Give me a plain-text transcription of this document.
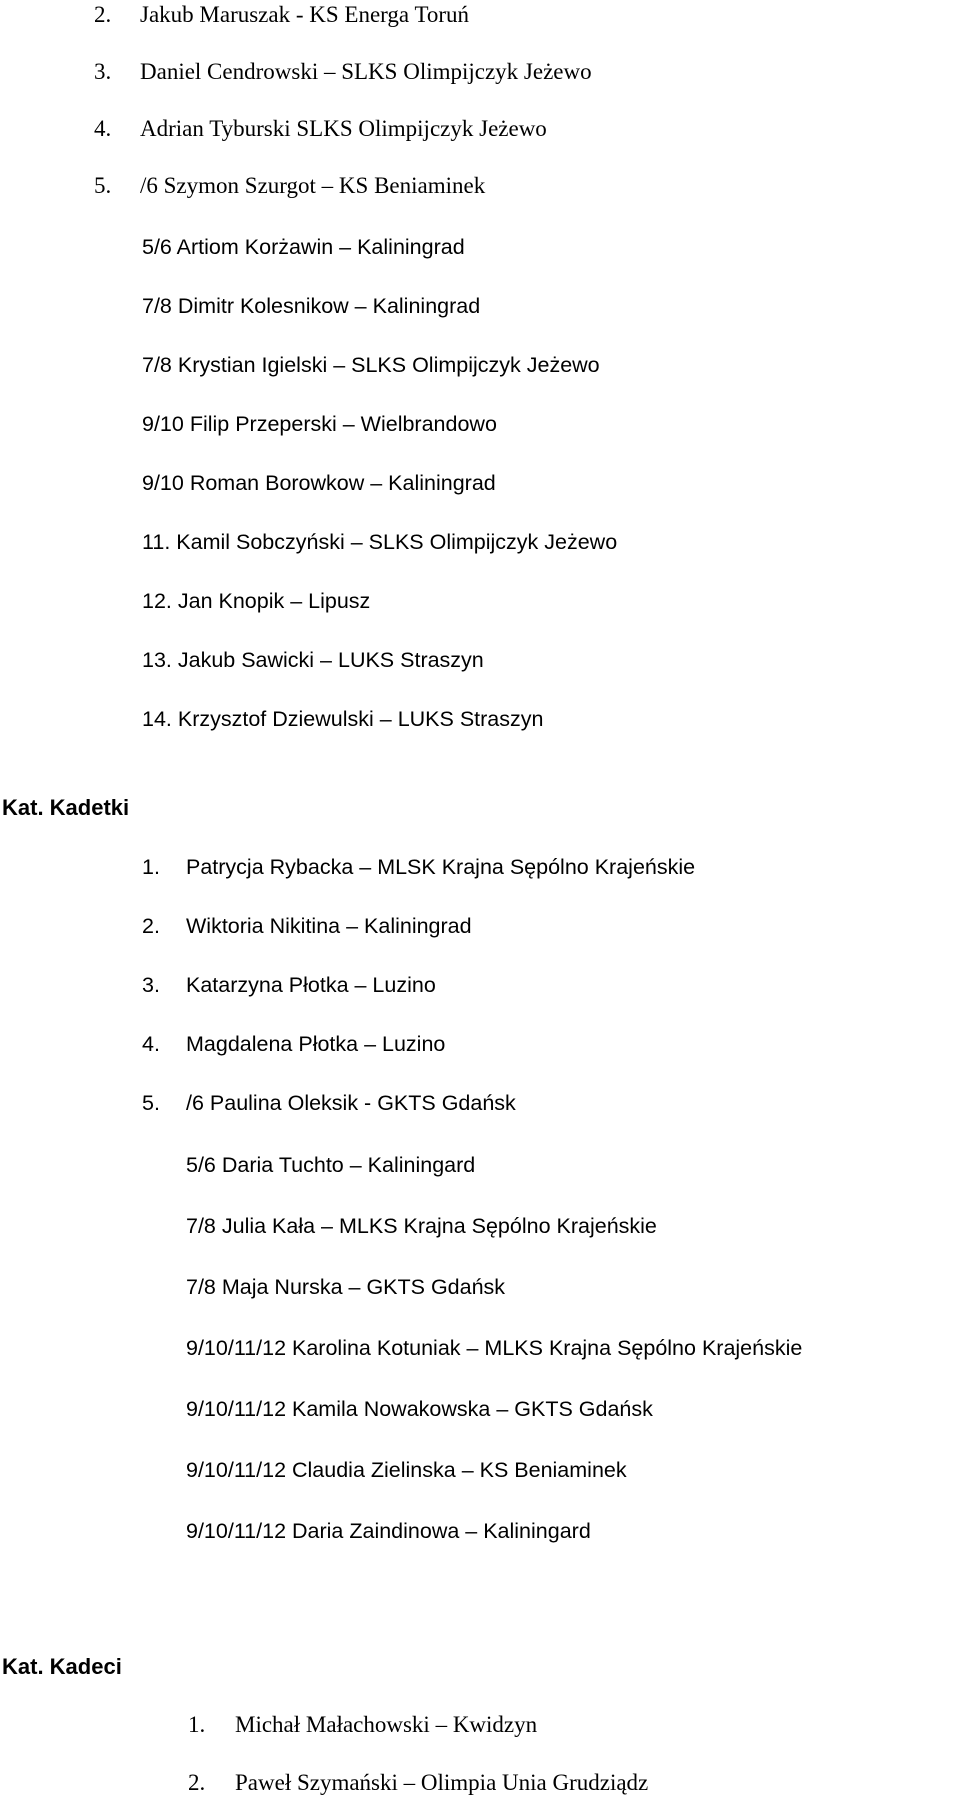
2. Jakub Maruszak - KS Energa Toruń
3. Daniel Cendrowski – SLKS Olimpijczyk Jeżewo
4. Adrian Tyburski SLKS Olimpijczyk Jeżewo
5. /6 Szymon Szurgot – KS Beniaminek
5/6 Artiom Korżawin – Kaliningrad
7/8 Dimitr Kolesnikow – Kaliningrad
7/8 Krystian Igielski – SLKS Olimpijczyk Jeżewo
9/10 Filip Przeperski – Wielbrandowo
9/10 Roman Borowkow – Kaliningrad
11. Kamil Sobczyński – SLKS Olimpijczyk Jeżewo
12. Jan Knopik – Lipusz
13. Jakub Sawicki – LUKS Straszyn
14. Krzysztof Dziewulski – LUKS Straszyn
Kat. Kadetki
1. Patrycja Rybacka – MLSK Krajna Sępólno Krajeńskie
2. Wiktoria Nikitina – Kaliningrad
3. Katarzyna Płotka – Luzino
4. Magdalena Płotka – Luzino
5. /6 Paulina Oleksik - GKTS Gdańsk
5/6 Daria Tuchto – Kaliningard
7/8 Julia Kała – MLKS Krajna Sępólno Krajeńskie
7/8 Maja Nurska – GKTS Gdańsk
9/10/11/12 Karolina Kotuniak – MLKS Krajna Sępólno Krajeńskie
9/10/11/12 Kamila Nowakowska – GKTS Gdańsk
9/10/11/12 Claudia Zielinska – KS Beniaminek
9/10/11/12 Daria Zaindinowa – Kaliningard
Kat. Kadeci
1. Michał Małachowski – Kwidzyn
2. Paweł Szymański – Olimpia Unia Grudziądz
